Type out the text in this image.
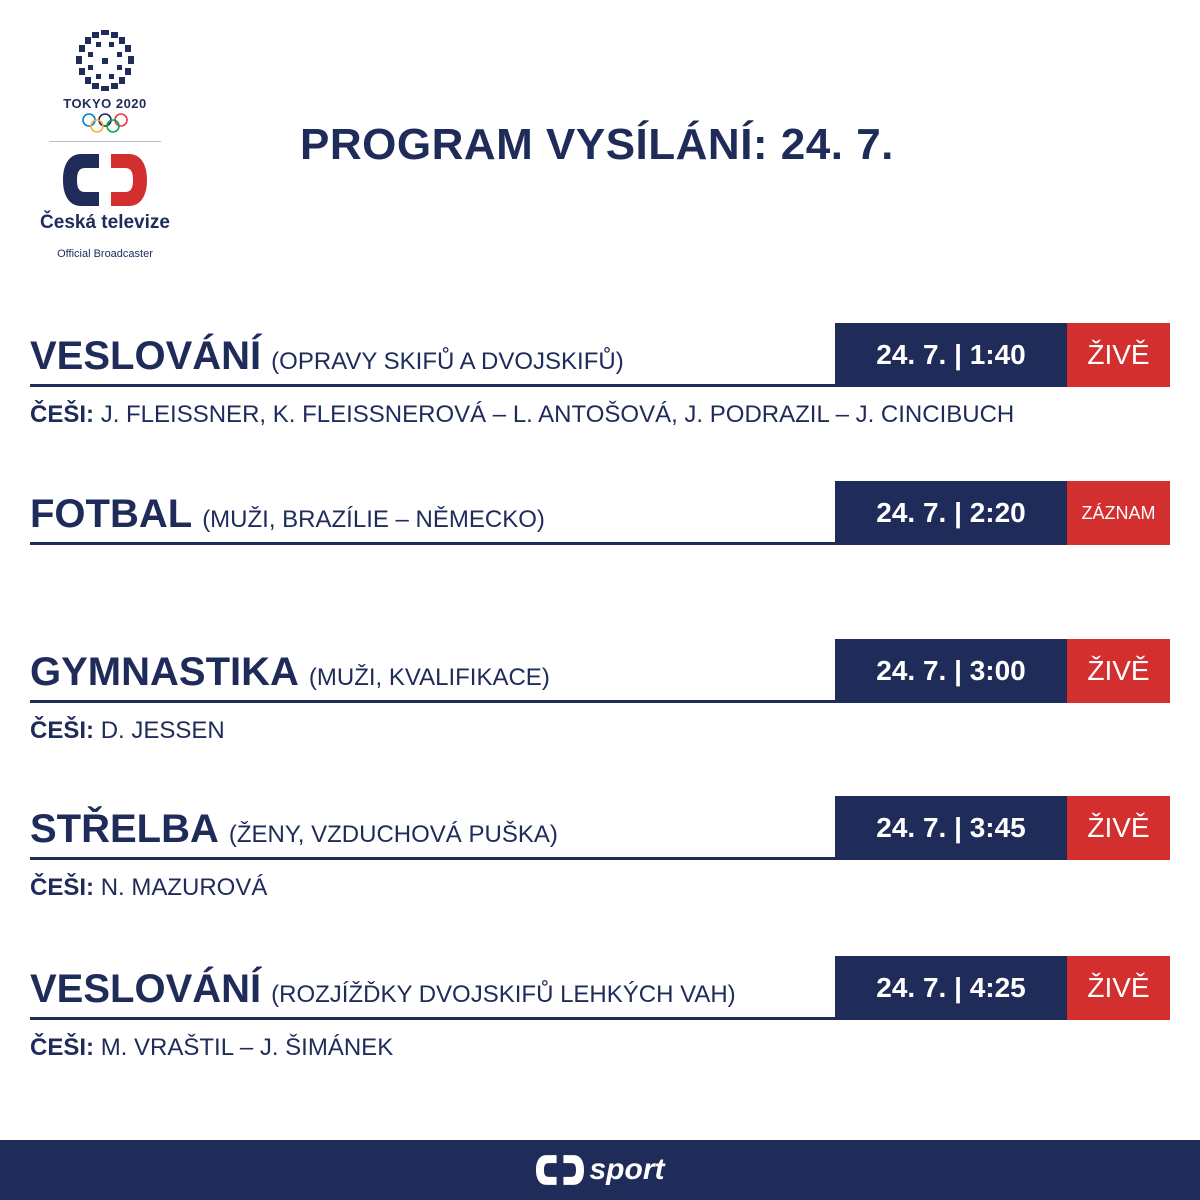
TOKYO 2020
Česká televize
Official Broadcaster
PROGRAM VYSÍLÁNÍ: 24. 7.
VESLOVÁNÍ (OPRAVY SKIFŮ A DVOJSKIFŮ)	24. 7. | 1:40	ŽIVĚ
ČEŠI: J. FLEISSNER, K. FLEISSNEROVÁ – L. ANTOŠOVÁ, J. PODRAZIL – J. CINCIBUCH
FOTBAL (MUŽI, BRAZÍLIE – NĚMECKO)	24. 7. | 2:20	ZÁZNAM
GYMNASTIKA (MUŽI, KVALIFIKACE)	24. 7. | 3:00	ŽIVĚ
ČEŠI: D. JESSEN
STŘELBA (ŽENY, VZDUCHOVÁ PUŠKA)	24. 7. | 3:45	ŽIVĚ
ČEŠI: N. MAZUROVÁ
VESLOVÁNÍ (ROZJÍŽĎKY DVOJSKIFŮ LEHKÝCH VAH)	24. 7. | 4:25	ŽIVĚ
ČEŠI: M. VRAŠTIL – J. ŠIMÁNEK
sport
